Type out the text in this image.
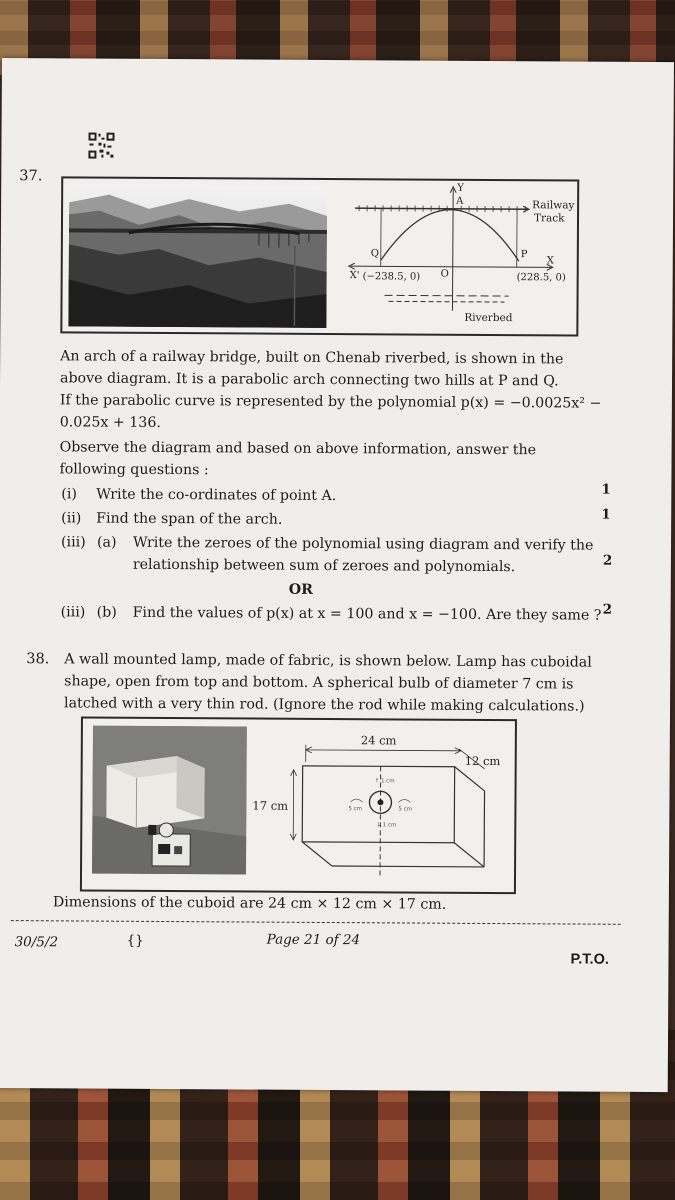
37.
Y
A	Railway
Track
Q	P
X
X' (−238.5, 0) O	(228.5, 0)
Riverbed
An arch of a railway bridge, built on Chenab riverbed, is shown in the
above diagram. It is a parabolic arch connecting two hills at P and Q.
If the parabolic curve is represented by the polynomial p(x) = −0.0025x² −
0.025x + 136.
Observe the diagram and based on above information, answer the
following questions :
(i) Write the co-ordinates of point A.	1
(ii) Find the span of the arch.	1
(iii) (a) Write the zeroes of the polynomial using diagram and verify the
relationship between sum of zeroes and polynomials.	2
OR
(iii) (b) Find the values of p(x) at x = 100 and x = −100. Are they same ? 2
38. A wall mounted lamp, made of fabric, is shown below. Lamp has cuboidal
shape, open from top and bottom. A spherical bulb of diameter 7 cm is
latched with a very thin rod. (Ignore the rod while making calculations.)
24 cm
12 cm
17 cm
↑ 1 cm
5 cm	5 cm
↓ 1 cm
Dimensions of the cuboid are 24 cm × 12 cm × 17 cm.
30/5/2	{}	Page 21 of 24
P.T.O.
